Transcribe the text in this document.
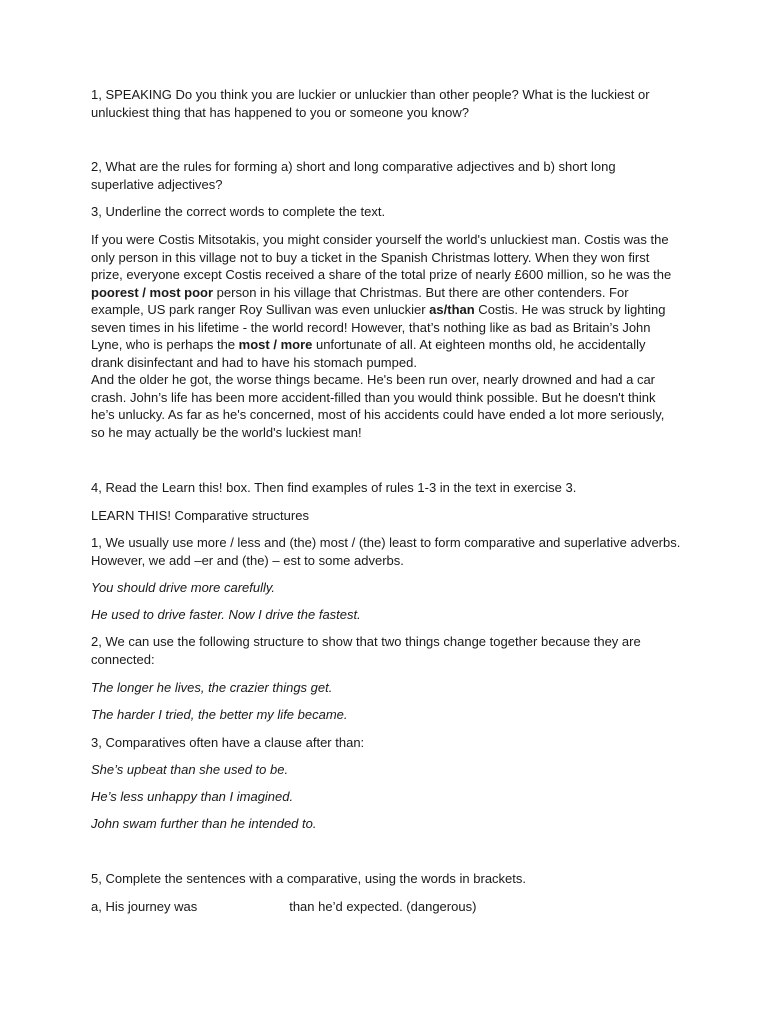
1, SPEAKING Do you think you are luckier or unluckier than other people? What is the luckiest or unluckiest thing that has happened to you or someone you know?

2, What are the rules for forming a) short and long comparative adjectives and b) short long superlative adjectives?

3, Underline the correct words to complete the text.

If you were Costis Mitsotakis, you might consider yourself the world's unluckiest man. Costis was the only person in this village not to buy a ticket in the Spanish Christmas lottery. When they won first prize, everyone except Costis received a share of the total prize of nearly £600 million, so he was the poorest / most poor person in his village that Christmas. But there are other contenders. For example, US park ranger Roy Sullivan was even unluckier as/than Costis. He was struck by lighting seven times in his lifetime - the world record! However, that’s nothing like as bad as Britain’s John Lyne, who is perhaps the most / more unfortunate of all. At eighteen months old, he accidentally drank disinfectant and had to have his stomach pumped.
And the older he got, the worse things became. He's been run over, nearly drowned and had a car crash. John’s life has been more accident-filled than you would think possible. But he doesn't think he’s unlucky. As far as he's concerned, most of his accidents could have ended a lot more seriously, so he may actually be the world's luckiest man!

4, Read the Learn this! box. Then find examples of rules 1-3 in the text in exercise 3.

LEARN THIS! Comparative structures

1, We usually use more / less and (the) most / (the) least to form comparative and superlative adverbs. However, we add –er and (the) – est to some adverbs.

You should drive more carefully.

He used to drive faster. Now I drive the fastest.

2, We can use the following structure to show that two things change together because they are connected:

The longer he lives, the crazier things get.

The harder I tried, the better my life became.

3, Comparatives often have a clause after than:

She’s upbeat than she used to be.

He’s less unhappy than I imagined.

John swam further than he intended to.

5, Complete the sentences with a comparative, using the words in brackets.

a, His journey was	than he’d expected. (dangerous)
